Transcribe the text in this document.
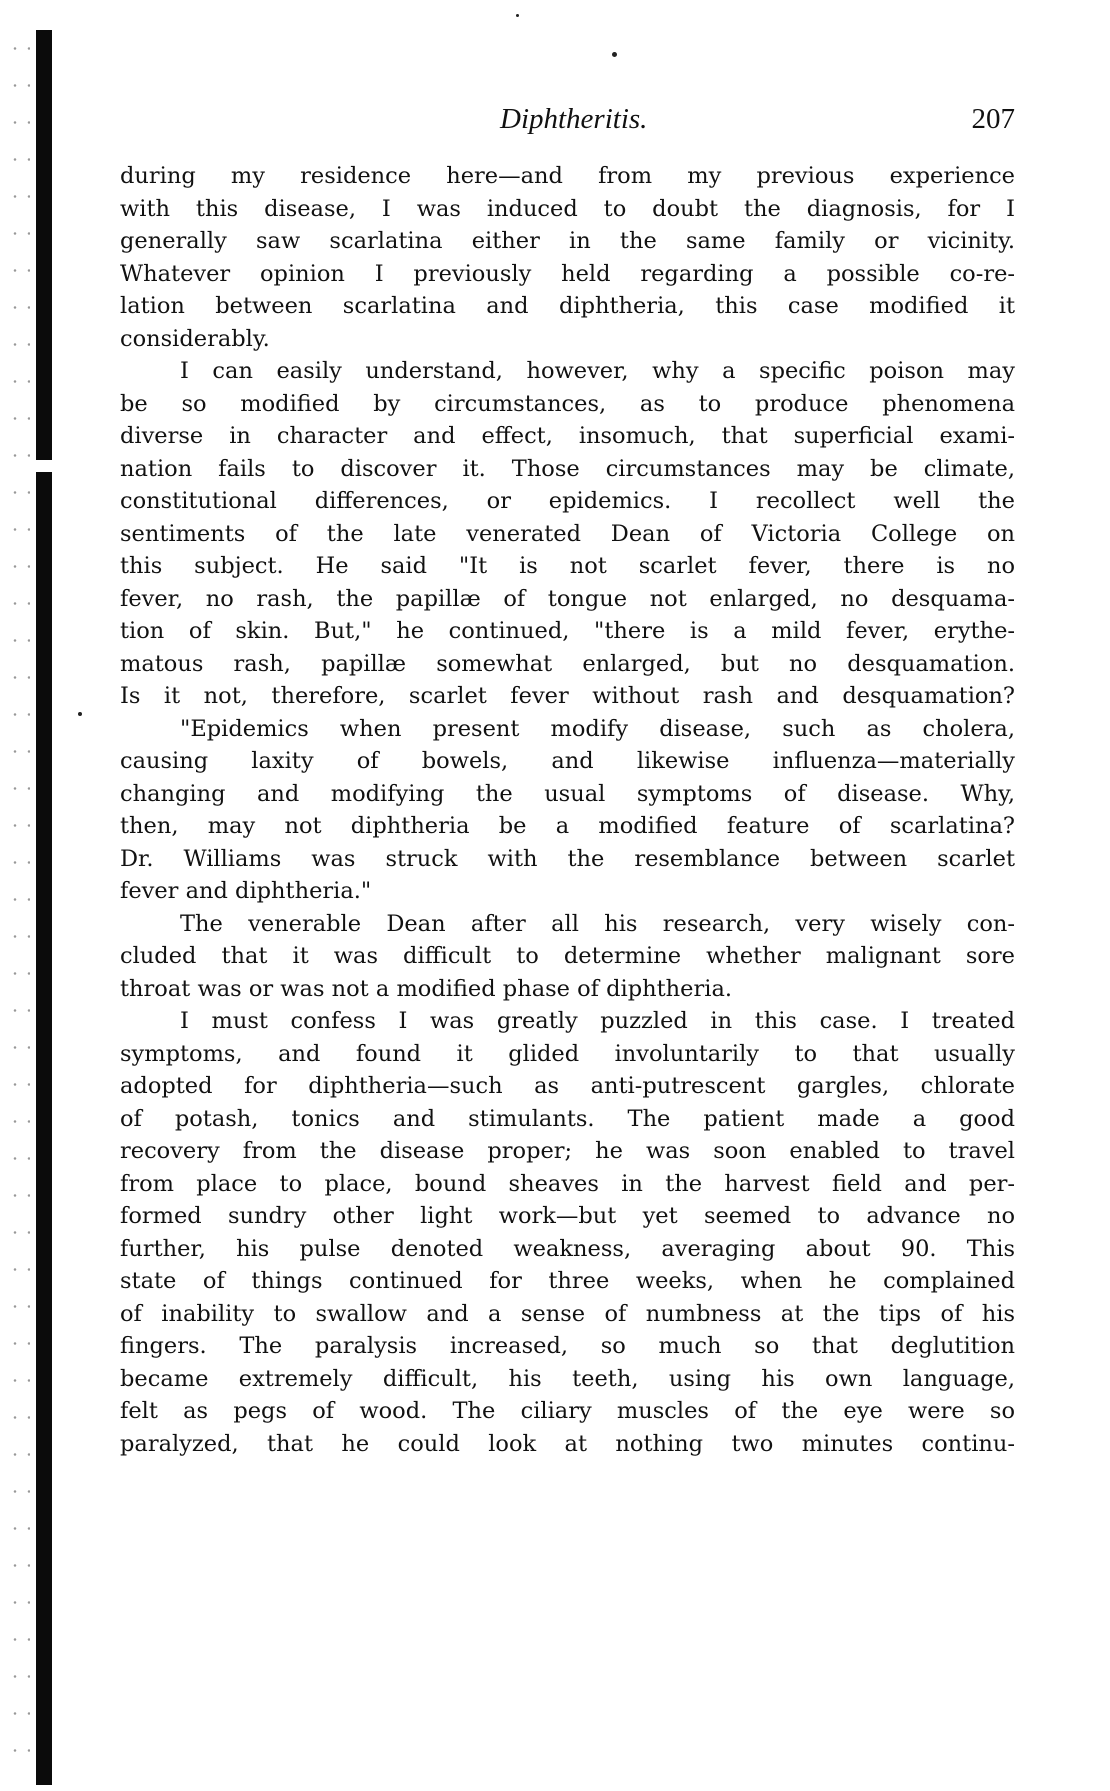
Diphtheritis.	207
during my residence here—and from my previous experience
with this disease, I was induced to doubt the diagnosis, for I
generally saw scarlatina either in the same family or vicinity.
Whatever opinion I previously held regarding a possible co-re-
lation between scarlatina and diphtheria, this case modified it
considerably.
I can easily understand, however, why a specific poison may
be so modified by circumstances, as to produce phenomena
diverse in character and effect, insomuch, that superficial exami-
nation fails to discover it. Those circumstances may be climate,
constitutional differences, or epidemics. I recollect well the
sentiments of the late venerated Dean of Victoria College on
this subject. He said "It is not scarlet fever, there is no
fever, no rash, the papillæ of tongue not enlarged, no desquama-
tion of skin. But," he continued, "there is a mild fever, erythe-
matous rash, papillæ somewhat enlarged, but no desquamation.
Is it not, therefore, scarlet fever without rash and desquamation?
"Epidemics when present modify disease, such as cholera,
causing laxity of bowels, and likewise influenza—materially
changing and modifying the usual symptoms of disease. Why,
then, may not diphtheria be a modified feature of scarlatina?
Dr. Williams was struck with the resemblance between scarlet
fever and diphtheria."
The venerable Dean after all his research, very wisely con-
cluded that it was difficult to determine whether malignant sore
throat was or was not a modified phase of diphtheria.
I must confess I was greatly puzzled in this case. I treated
symptoms, and found it glided involuntarily to that usually
adopted for diphtheria—such as anti-putrescent gargles, chlorate
of potash, tonics and stimulants. The patient made a good
recovery from the disease proper; he was soon enabled to travel
from place to place, bound sheaves in the harvest field and per-
formed sundry other light work—but yet seemed to advance no
further, his pulse denoted weakness, averaging about 90. This
state of things continued for three weeks, when he complained
of inability to swallow and a sense of numbness at the tips of his
fingers. The paralysis increased, so much so that deglutition
became extremely difficult, his teeth, using his own language,
felt as pegs of wood. The ciliary muscles of the eye were so
paralyzed, that he could look at nothing two minutes continu-
